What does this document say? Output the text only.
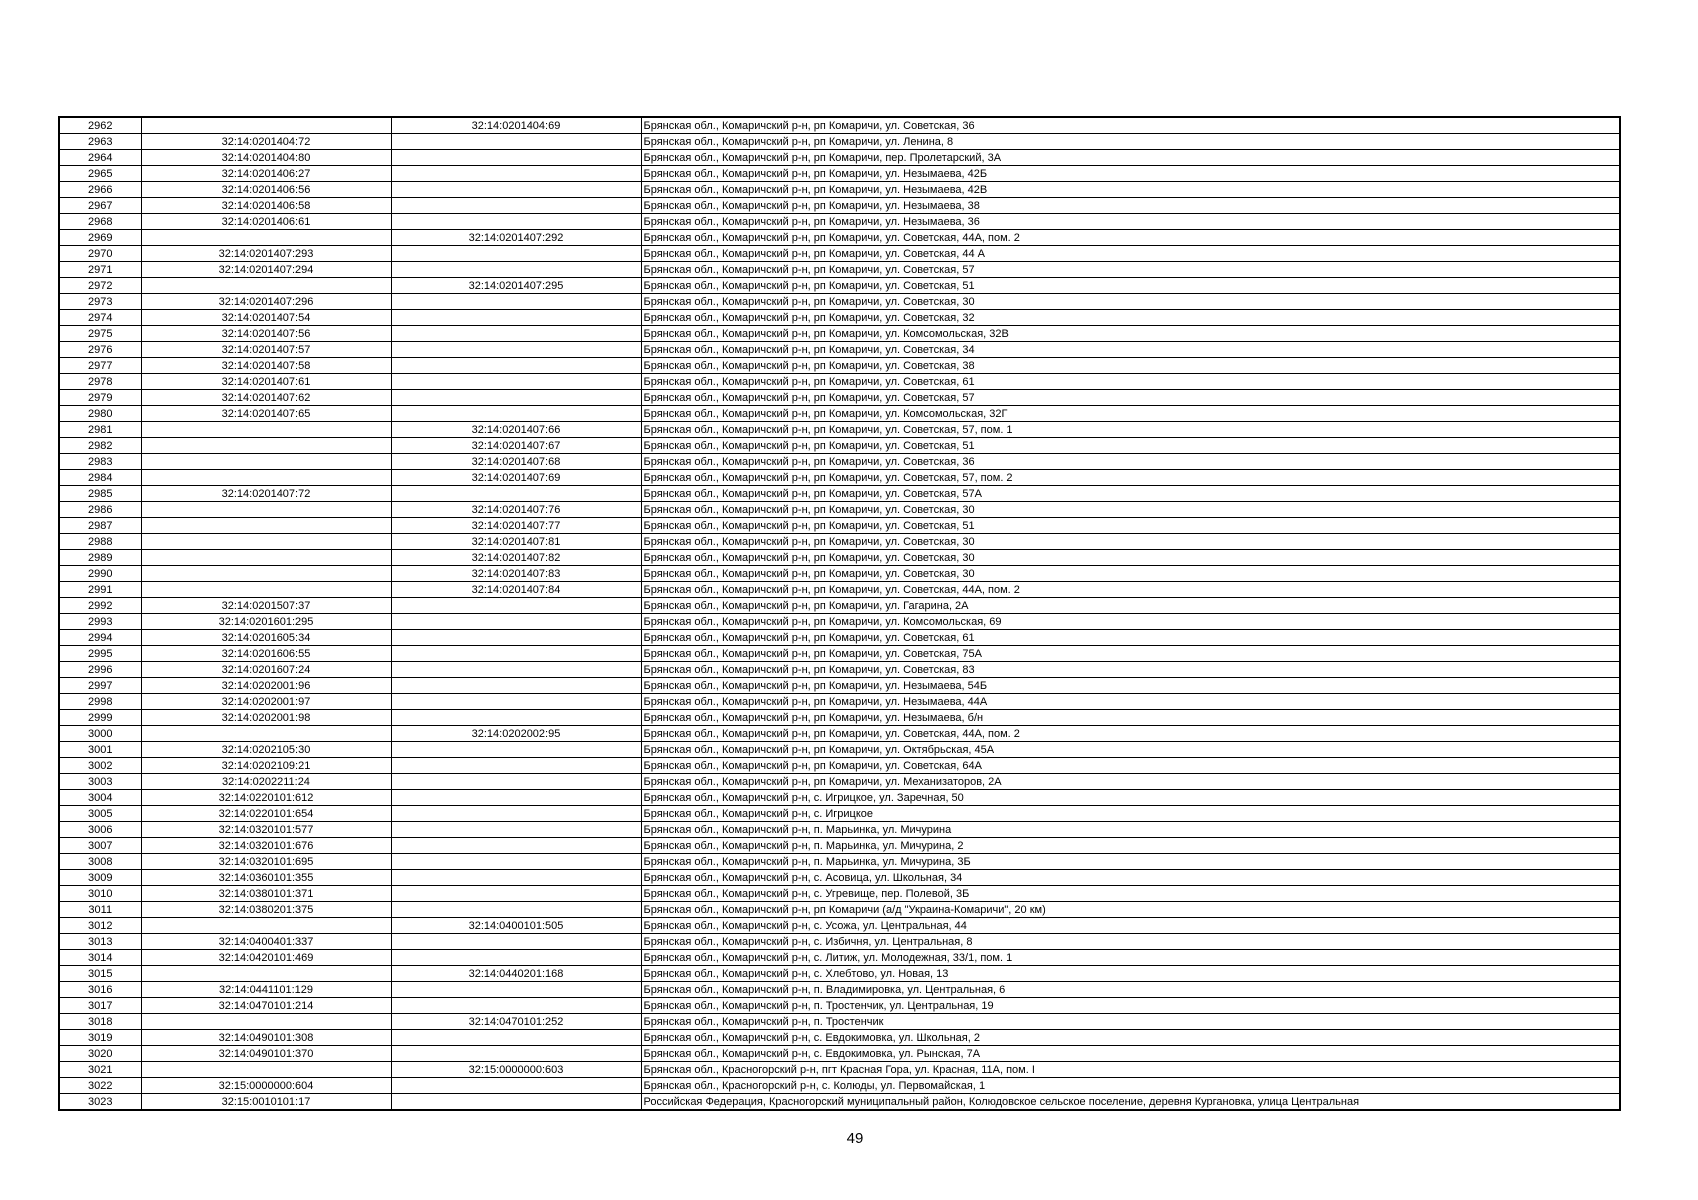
2962		32:14:0201404:69	Брянская обл., Комаричский р-н, рп Комаричи, ул. Советская, 36
2963	32:14:0201404:72		Брянская обл., Комаричский р-н, рп Комаричи, ул. Ленина, 8
2964	32:14:0201404:80		Брянская обл., Комаричский р-н, рп Комаричи, пер. Пролетарский, 3А
2965	32:14:0201406:27		Брянская обл., Комаричский р-н, рп Комаричи, ул. Незымаева, 42Б
2966	32:14:0201406:56		Брянская обл., Комаричский р-н, рп Комаричи, ул. Незымаева, 42В
2967	32:14:0201406:58		Брянская обл., Комаричский р-н, рп Комаричи, ул. Незымаева, 38
2968	32:14:0201406:61		Брянская обл., Комаричский р-н, рп Комаричи, ул. Незымаева, 36
2969		32:14:0201407:292	Брянская обл., Комаричский р-н, рп Комаричи, ул. Советская, 44А, пом. 2
2970	32:14:0201407:293		Брянская обл., Комаричский р-н, рп Комаричи, ул. Советская, 44 А
2971	32:14:0201407:294		Брянская обл., Комаричский р-н, рп Комаричи, ул. Советская, 57
2972		32:14:0201407:295	Брянская обл., Комаричский р-н, рп Комаричи, ул. Советская, 51
2973	32:14:0201407:296		Брянская обл., Комаричский р-н, рп Комаричи, ул. Советская, 30
2974	32:14:0201407:54		Брянская обл., Комаричский р-н, рп Комаричи, ул. Советская, 32
2975	32:14:0201407:56		Брянская обл., Комаричский р-н, рп Комаричи, ул. Комсомольская, 32В
2976	32:14:0201407:57		Брянская обл., Комаричский р-н, рп Комаричи, ул. Советская, 34
2977	32:14:0201407:58		Брянская обл., Комаричский р-н, рп Комаричи, ул. Советская, 38
2978	32:14:0201407:61		Брянская обл., Комаричский р-н, рп Комаричи, ул. Советская, 61
2979	32:14:0201407:62		Брянская обл., Комаричский р-н, рп Комаричи, ул. Советская, 57
2980	32:14:0201407:65		Брянская обл., Комаричский р-н, рп Комаричи, ул. Комсомольская, 32Г
2981		32:14:0201407:66	Брянская обл., Комаричский р-н, рп Комаричи, ул. Советская, 57, пом. 1
2982		32:14:0201407:67	Брянская обл., Комаричский р-н, рп Комаричи, ул. Советская, 51
2983		32:14:0201407:68	Брянская обл., Комаричский р-н, рп Комаричи, ул. Советская, 36
2984		32:14:0201407:69	Брянская обл., Комаричский р-н, рп Комаричи, ул. Советская, 57, пом. 2
2985	32:14:0201407:72		Брянская обл., Комаричский р-н, рп Комаричи, ул. Советская, 57А
2986		32:14:0201407:76	Брянская обл., Комаричский р-н, рп Комаричи, ул. Советская, 30
2987		32:14:0201407:77	Брянская обл., Комаричский р-н, рп Комаричи, ул. Советская, 51
2988		32:14:0201407:81	Брянская обл., Комаричский р-н, рп Комаричи, ул. Советская, 30
2989		32:14:0201407:82	Брянская обл., Комаричский р-н, рп Комаричи, ул. Советская, 30
2990		32:14:0201407:83	Брянская обл., Комаричский р-н, рп Комаричи, ул. Советская, 30
2991		32:14:0201407:84	Брянская обл., Комаричский р-н, рп Комаричи, ул. Советская, 44А, пом. 2
2992	32:14:0201507:37		Брянская обл., Комаричский р-н, рп Комаричи, ул. Гагарина, 2А
2993	32:14:0201601:295		Брянская обл., Комаричский р-н, рп Комаричи, ул. Комсомольская, 69
2994	32:14:0201605:34		Брянская обл., Комаричский р-н, рп Комаричи, ул. Советская, 61
2995	32:14:0201606:55		Брянская обл., Комаричский р-н, рп Комаричи, ул. Советская, 75А
2996	32:14:0201607:24		Брянская обл., Комаричский р-н, рп Комаричи, ул. Советская, 83
2997	32:14:0202001:96		Брянская обл., Комаричский р-н, рп Комаричи, ул. Незымаева, 54Б
2998	32:14:0202001:97		Брянская обл., Комаричский р-н, рп Комаричи, ул. Незымаева, 44А
2999	32:14:0202001:98		Брянская обл., Комаричский р-н, рп Комаричи, ул. Незымаева, б/н
3000		32:14:0202002:95	Брянская обл., Комаричский р-н, рп Комаричи, ул. Советская, 44А, пом. 2
3001	32:14:0202105:30		Брянская обл., Комаричский р-н, рп Комаричи, ул. Октябрьская, 45А
3002	32:14:0202109:21		Брянская обл., Комаричский р-н, рп Комаричи, ул. Советская, 64А
3003	32:14:0202211:24		Брянская обл., Комаричский р-н, рп Комаричи, ул. Механизаторов, 2А
3004	32:14:0220101:612		Брянская обл., Комаричский р-н, с. Игрицкое, ул. Заречная, 50
3005	32:14:0220101:654		Брянская обл., Комаричский р-н, с. Игрицкое
3006	32:14:0320101:577		Брянская обл., Комаричский р-н, п. Марьинка, ул. Мичурина
3007	32:14:0320101:676		Брянская обл., Комаричский р-н, п. Марьинка, ул. Мичурина, 2
3008	32:14:0320101:695		Брянская обл., Комаричский р-н, п. Марьинка, ул. Мичурина, 3Б
3009	32:14:0360101:355		Брянская обл., Комаричский р-н, с. Асовица, ул. Школьная, 34
3010	32:14:0380101:371		Брянская обл., Комаричский р-н, с. Угревище, пер. Полевой, 3Б
3011	32:14:0380201:375		Брянская обл., Комаричский р-н, рп Комаричи (а/д "Украина-Комаричи", 20 км)
3012		32:14:0400101:505	Брянская обл., Комаричский р-н, с. Усожа, ул. Центральная, 44
3013	32:14:0400401:337		Брянская обл., Комаричский р-н, с. Избичня, ул. Центральная, 8
3014	32:14:0420101:469		Брянская обл., Комаричский р-н, с. Литиж, ул. Молодежная, 33/1, пом. 1
3015		32:14:0440201:168	Брянская обл., Комаричский р-н, с. Хлебтово, ул. Новая, 13
3016	32:14:0441101:129		Брянская обл., Комаричский р-н, п. Владимировка, ул. Центральная, 6
3017	32:14:0470101:214		Брянская обл., Комаричский р-н, п. Тростенчик, ул. Центральная, 19
3018		32:14:0470101:252	Брянская обл., Комаричский р-н, п. Тростенчик
3019	32:14:0490101:308		Брянская обл., Комаричский р-н, с. Евдокимовка, ул. Школьная, 2
3020	32:14:0490101:370		Брянская обл., Комаричский р-н, с. Евдокимовка, ул. Рынская, 7А
3021		32:15:0000000:603	Брянская обл., Красногорский р-н, пгт Красная Гора, ул. Красная, 11А, пом. I
3022	32:15:0000000:604		Брянская обл., Красногорский р-н, с. Колюды, ул. Первомайская, 1
3023	32:15:0010101:17		Российская Федерация, Красногорский муниципальный район, Колюдовское сельское поселение, деревня Кургановка, улица Центральная
49
